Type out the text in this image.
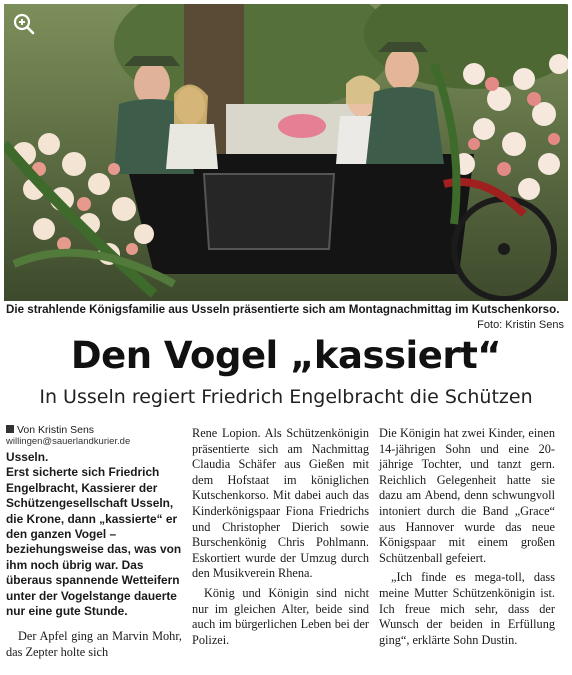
Die strahlende Königsfamilie aus Usseln präsentierte sich am Montagnachmittag im Kutschenkorso.
Foto: Kristin Sens
Den Vogel „kassiert“
In Usseln regiert Friedrich Engelbracht die Schützen
Von Kristin Sens
willingen@sauerlandkurier.de
Usseln.
Erst sicherte sich Friedrich Engelbracht, Kassierer der Schützengesellschaft Usseln, die Krone, dann „kassierte“ er den ganzen Vogel – beziehungsweise das, was von ihm noch übrig war. Das überaus spannende Wetteifern unter der Vogelstange dauerte nur eine gute Stunde.

Der Apfel ging an Marvin Mohr, das Zepter holte sich

Rene Lopion. Als Schützenkönigin präsentierte sich am Nachmittag Claudia Schäfer aus Gießen mit dem Hofstaat im königlichen Kutschenkorso. Mit dabei auch das Kinderkönigspaar Fiona Friedrichs und Christopher Dierich sowie Burschenkönig Chris Pohlmann. Eskortiert wurde der Umzug durch den Musikverein Rhena.

König und Königin sind nicht nur im gleichen Alter, beide sind auch im bürgerlichen Leben bei der Polizei.

Die Königin hat zwei Kinder, einen 14-jährigen Sohn und eine 20-jährige Tochter, und tanzt gern. Reichlich Gelegenheit hatte sie dazu am Abend, denn schwungvoll intoniert durch die Band „Grace“ aus Hannover wurde das neue Königspaar mit einem großen Schützenball gefeiert.

„Ich finde es mega-toll, dass meine Mutter Schützenkönigin ist. Ich freue mich sehr, dass der Wunsch der beiden in Erfüllung ging“, erklärte Sohn Dustin.
